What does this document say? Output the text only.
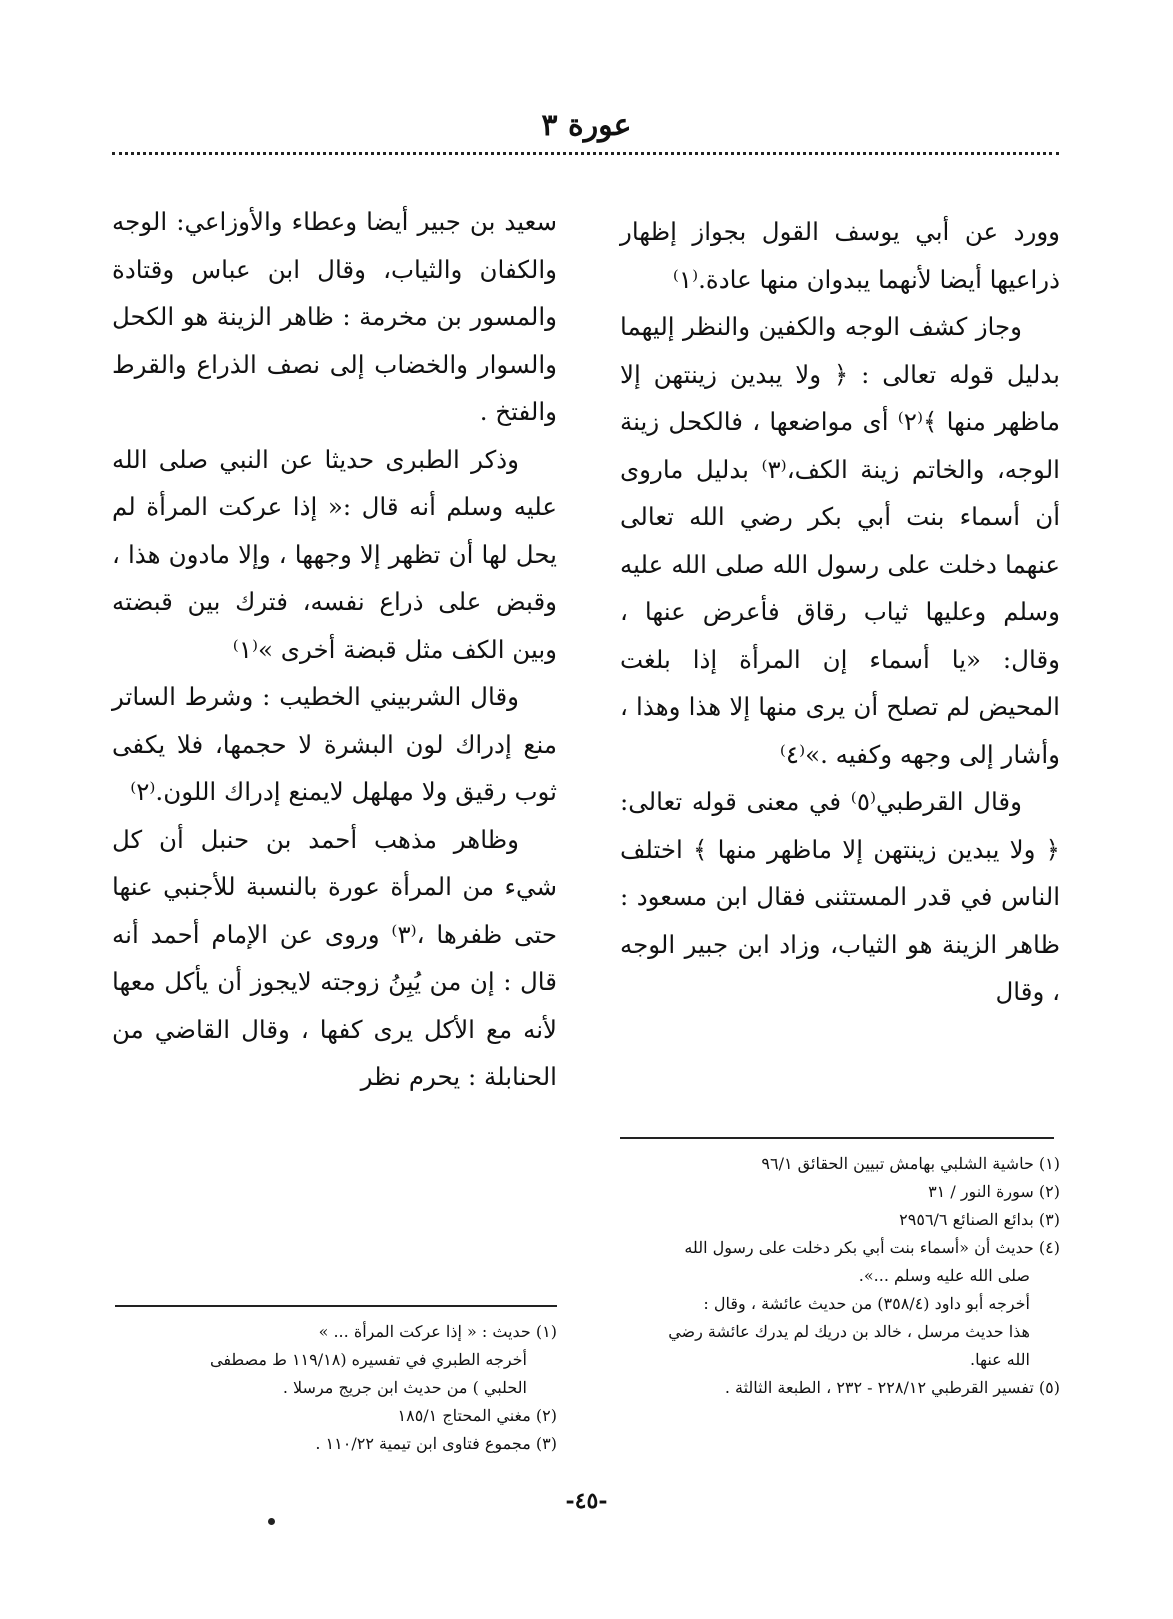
عورة ٣

وورد عن أبي يوسف القول بجواز إظهار ذراعيها أيضا لأنهما يبدوان منها عادة.⁽١⁾

وجاز كشف الوجه والكفين والنظر إليهما بدليل قوله تعالى : ﴿ ولا يبدين زينتهن إلا ماظهر منها ﴾⁽٢⁾ أى مواضعها ، فالكحل زينة الوجه، والخاتم زينة الكف،⁽٣⁾ بدليل ماروى أن أسماء بنت أبي بكر رضي الله تعالى عنهما دخلت على رسول الله صلى الله عليه وسلم وعليها ثياب رقاق فأعرض عنها ، وقال: «يا أسماء إن المرأة إذا بلغت المحيض لم تصلح أن يرى منها إلا هذا وهذا ، وأشار إلى وجهه وكفيه .»⁽٤⁾

وقال القرطبي⁽٥⁾ في معنى قوله تعالى:﴿ ولا يبدين زينتهن إلا ماظهر منها ﴾ اختلف الناس في قدر المستثنى فقال ابن مسعود : ظاهر الزينة هو الثياب، وزاد ابن جبير الوجه ، وقال

سعيد بن جبير أيضا وعطاء والأوزاعي: الوجه والكفان والثياب، وقال ابن عباس وقتادة والمسور بن مخرمة : ظاهر الزينة هو الكحل والسوار والخضاب إلى نصف الذراع والقرط والفتخ .

وذكر الطبرى حديثا عن النبي صلى الله عليه وسلم أنه قال :« إذا عركت المرأة لم يحل لها أن تظهر إلا وجهها ، وإلا مادون هذا ، وقبض على ذراع نفسه، فترك بين قبضته وبين الكف مثل قبضة أخرى »⁽١⁾

وقال الشربيني الخطيب : وشرط الساتر منع إدراك لون البشرة لا حجمها، فلا يكفى ثوب رقيق ولا مهلهل لايمنع إدراك اللون.⁽٢⁾

وظاهر مذهب أحمد بن حنبل أن كل شيء من المرأة عورة بالنسبة للأجنبي عنها حتى ظفرها ،⁽٣⁾ وروى عن الإمام أحمد أنه قال : إن من يُبِنُ زوجته لايجوز أن يأكل معها لأنه مع الأكل يرى كفها ، وقال القاضي من الحنابلة : يحرم نظر

(١) حاشية الشلبي بهامش تبيين الحقائق ٩٦/١

(٢) سورة النور / ٣١

(٣) بدائع الصنائع ٢٩٥٦/٦

(٤) حديث أن «أسماء بنت أبي بكر دخلت على رسول الله

صلى الله عليه وسلم ...».

أخرجه أبو داود (٣٥٨/٤) من حديث عائشة ، وقال :

هذا حديث مرسل ، خالد بن دريك لم يدرك عائشة رضي

الله عنها.

(٥) تفسير القرطبي ٢٢٨/١٢ - ٢٣٢ ، الطبعة الثالثة .

(١) حديث : « إذا عركت المرأة ... »

أخرجه الطبري في تفسيره (١١٩/١٨ ط مصطفى

الحلبي ) من حديث ابن جريج مرسلا .

(٢) مغني المحتاج ١٨٥/١

(٣) مجموع فتاوى ابن تيمية ١١٠/٢٢ .

-٤٥-
